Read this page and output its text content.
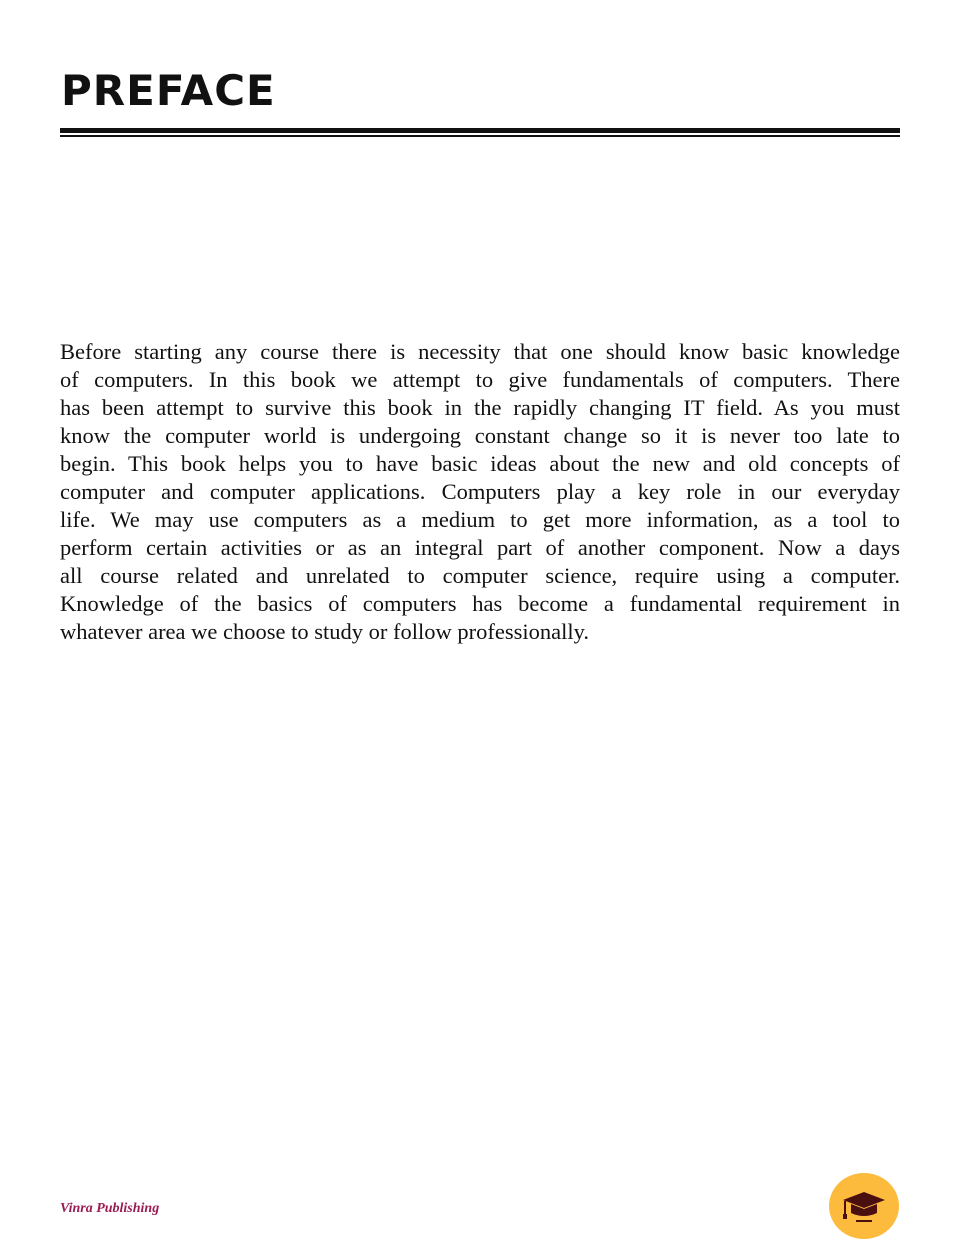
PREFACE
Before starting any course there is necessity that one should know basic knowledge
of computers. In this book we attempt to give fundamentals of computers. There
has been attempt to survive this book in the rapidly changing IT field. As you must
know the computer world is undergoing constant change so it is never too late to
begin. This book helps you to have basic ideas about the new and old concepts of
computer and computer applications. Computers play a key role in our everyday
life. We may use computers as a medium to get more information, as a tool to
perform certain activities or as an integral part of another component. Now a days
all course related and unrelated to computer science, require using a computer.
Knowledge of the basics of computers has become a fundamental requirement in
whatever area we choose to study or follow professionally.
Vinra Publishing
